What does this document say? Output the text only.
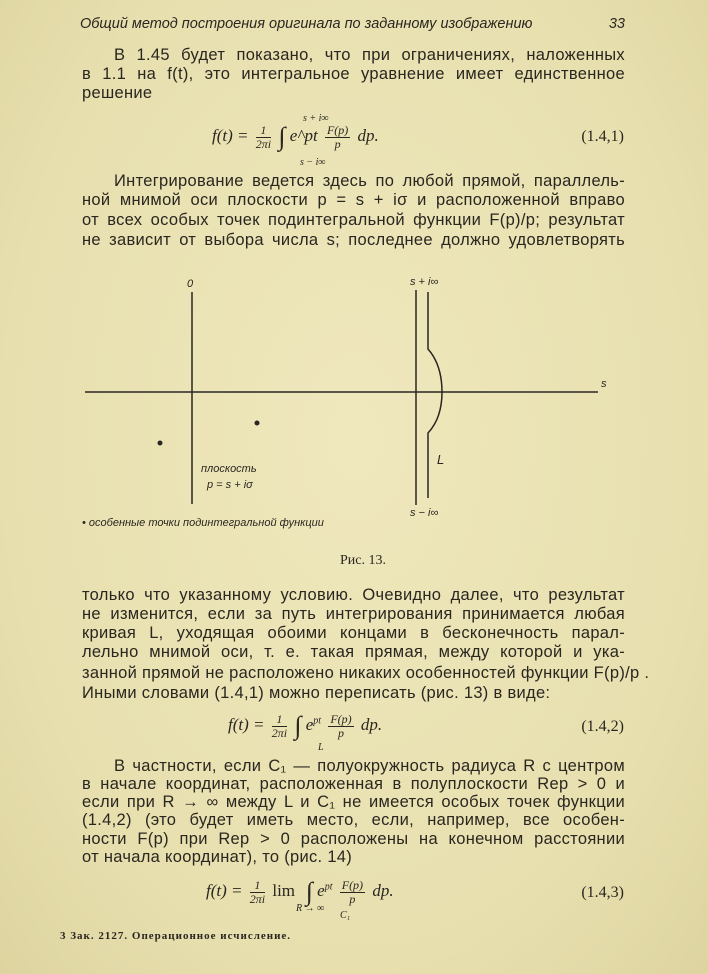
Общий метод построения оригинала по заданному изображению	33
В 1.45 будет показано, что при ограничениях, наложенных
в 1.1 на f(t), это интегральное уравнение имеет единственное
решение
s + i∞
$f(t) = \frac{1}{2\pi i}$ ∫ e^pt $\frac{F(p)}{p}$ dp.
s − i∞
(1.4,1)
Интегрирование ведется здесь по любой прямой, параллель-
ной мнимой оси плоскости p = s + iσ и расположенной вправо
от всех особых точек подинтегральной функции F(p)/p; результат
не зависит от выбора числа s; последнее должно удовлетворять
0	s + i∞
s
L
плоскость
p = s + iσ
s − i∞
• особенные точки подинтегральной функции
Рис. 13.
только что указанному условию. Очевидно далее, что результат
не изменится, если за путь интегрирования принимается любая
кривая L, уходящая обоими концами в бесконечность парал-
лельно мнимой оси, т. е. такая прямая, между которой и ука-
занной прямой не расположено никаких особенностей функции F(p)/p .
Иными словами (1.4,1) можно переписать (рис. 13) в виде:
$f(t) = \frac{1}{2\pi i}$ ∫ $e^{pt} \frac{F(p)}{p}$ dp.
L
(1.4,2)
В частности, если C₁ — полуокружность радиуса R с центром
в начале координат, расположенная в полуплоскости Rep > 0 и
если при R → ∞ между L и C₁ не имеется особых точек функции
(1.4,2) (это будет иметь место, если, например, все особен-
ности F(p) при Rep > 0 расположены на конечном расстоянии
от начала координат), то (рис. 14)
$f(t) = \frac{1}{2\pi i}$ lim  ∫ $e^{pt} \frac{F(p)}{p}$ dp.
R → ∞
C₁
(1.4,3)
3 Зак. 2127. Операционное исчисление.
